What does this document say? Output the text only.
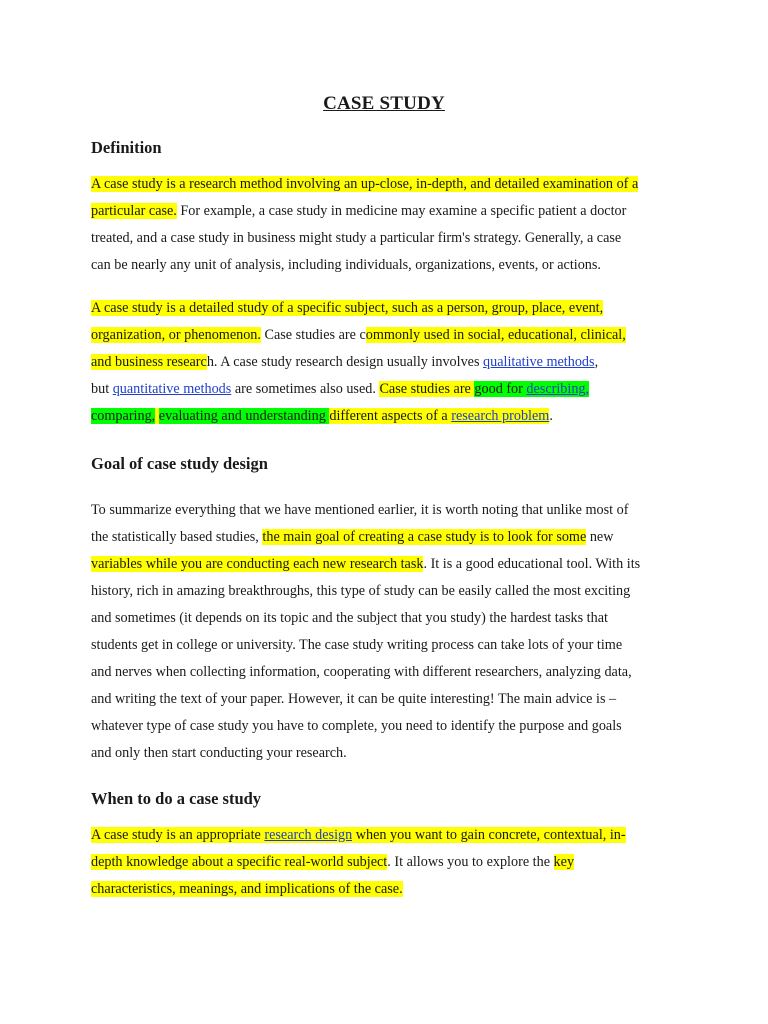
CASE STUDY
Definition
A case study is a research method involving an up-close, in-depth, and detailed examination of a
particular case. For example, a case study in medicine may examine a specific patient a doctor
treated, and a case study in business might study a particular firm's strategy. Generally, a case
can be nearly any unit of analysis, including individuals, organizations, events, or actions.
A case study is a detailed study of a specific subject, such as a person, group, place, event,
organization, or phenomenon. Case studies are commonly used in social, educational, clinical,
and business research. A case study research design usually involves qualitative methods,
but quantitative methods are sometimes also used. Case studies are good for describing,
comparing, evaluating and understanding different aspects of a research problem.
Goal of case study design
To summarize everything that we have mentioned earlier, it is worth noting that unlike most of
the statistically based studies, the main goal of creating a case study is to look for some new
variables while you are conducting each new research task. It is a good educational tool. With its
history, rich in amazing breakthroughs, this type of study can be easily called the most exciting
and sometimes (it depends on its topic and the subject that you study) the hardest tasks that
students get in college or university. The case study writing process can take lots of your time
and nerves when collecting information, cooperating with different researchers, analyzing data,
and writing the text of your paper. However, it can be quite interesting! The main advice is –
whatever type of case study you have to complete, you need to identify the purpose and goals
and only then start conducting your research.
When to do a case study
A case study is an appropriate research design when you want to gain concrete, contextual, in-
depth knowledge about a specific real-world subject. It allows you to explore the key
characteristics, meanings, and implications of the case.
